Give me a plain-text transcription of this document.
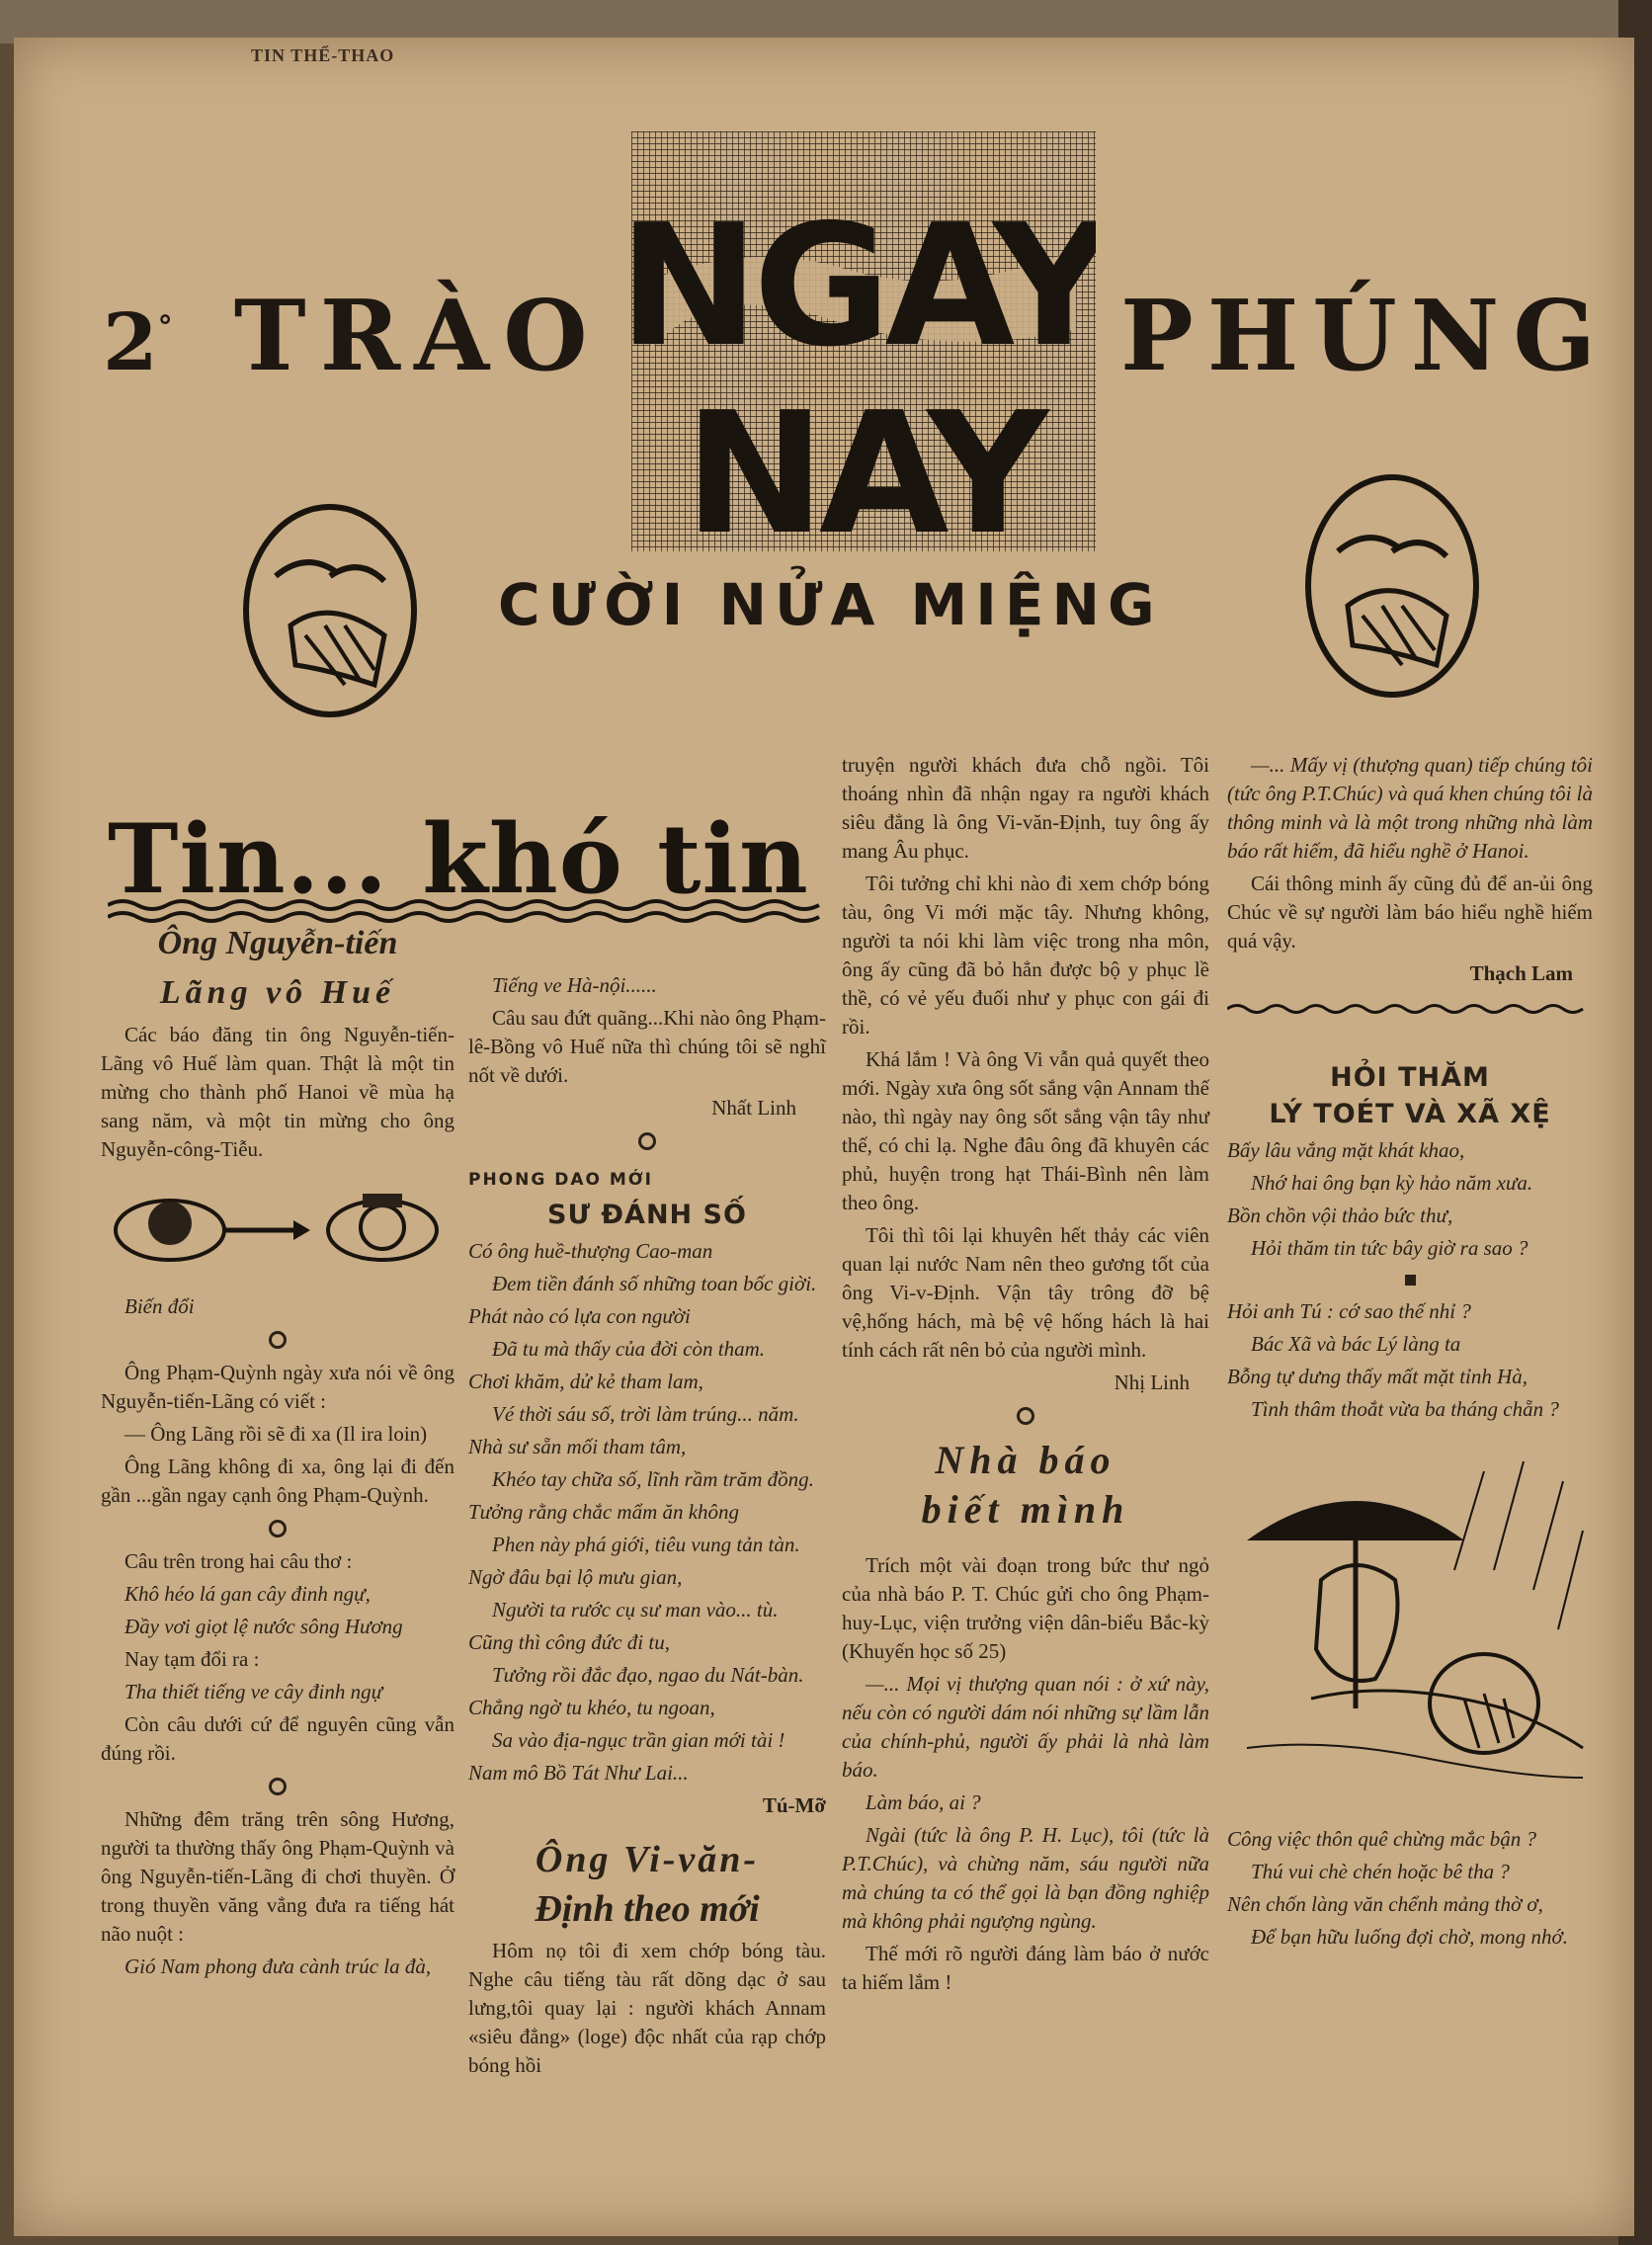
TIN THỂ-THAO
2° TRÀO	PHÚNG
NGAY
NAY
CƯỜI NỬA MIỆNG
Tin... khó tin
Ông Nguyễn-tiến
Lãng vô Huế

Các báo đăng tin ông Nguyễn-tiến-Lãng vô Huế làm quan. Thật là một tin mừng cho thành phố Hanoi về mùa hạ sang năm, và một tin mừng cho ông Nguyễn-công-Tiễu.

Biến đổi

Ông Phạm-Quỳnh ngày xưa nói về ông Nguyễn-tiến-Lãng có viết :

— Ông Lãng rồi sẽ đi xa (Il ira loin)

Ông Lãng không đi xa, ông lại đi đến gần ...gần ngay cạnh ông Phạm-Quỳnh.

Câu trên trong hai câu thơ :

Khô héo lá gan cây đinh ngự,

Đầy vơi giọt lệ nước sông Hương

Nay tạm đổi ra :

Tha thiết tiếng ve cây đinh ngự

Còn câu dưới cứ để nguyên cũng vẫn đúng rồi.

Những đêm trăng trên sông Hương, người ta thường thấy ông Phạm-Quỳnh và ông Nguyễn-tiến-Lãng đi chơi thuyền. Ở trong thuyền văng vẳng đưa ra tiếng hát não nuột :

Gió Nam phong đưa cành trúc la đà,

Tiếng ve Hà-nội......

Câu sau đứt quãng...Khi nào ông Phạm-lê-Bồng vô Huế nữa thì chúng tôi sẽ nghĩ nốt về dưới.

Nhất Linh

PHONG DAO MỚI

SƯ ĐÁNH SỐ

Có ông huề-thượng Cao-man

Đem tiền đánh số những toan bốc giời.

Phát nào có lựa con người

Đã tu mà thấy của đời còn tham.

Chơi khăm, dử kẻ tham lam,

Vé thời sáu số, trời làm trúng... năm.

Nhà sư sẵn mối tham tâm,

Khéo tay chữa số, lĩnh rầm trăm đồng.

Tưởng rằng chắc mẩm ăn không

Phen này phá giới, tiêu vung tản tàn.

Ngờ đâu bại lộ mưu gian,

Người ta rước cụ sư man vào... tù.

Cũng thì công đức đi tu,

Tưởng rồi đắc đạo, ngao du Nát-bàn.

Chẳng ngờ tu khéo, tu ngoan,

Sa vào địa-ngục trần gian mới tài !

Nam mô Bồ Tát Như Lai...

Tú-Mỡ

Ông Vi-văn-
Định theo mới

Hôm nọ tôi đi xem chớp bóng tàu. Nghe câu tiếng tàu rất dõng dạc ở sau lưng,tôi quay lại : người khách Annam «siêu đẳng» (loge) độc nhất của rạp chớp bóng hồi

truyện người khách đưa chỗ ngồi. Tôi thoáng nhìn đã nhận ngay ra người khách siêu đẳng là ông Vi-văn-Định, tuy ông ấy mang Âu phục.

Tôi tưởng chỉ khi nào đi xem chớp bóng tàu, ông Vi mới mặc tây. Nhưng không, người ta nói khi làm việc trong nha môn, ông ấy cũng đã bỏ hẳn được bộ y phục lề thề, có vẻ yếu đuối như y phục con gái đi rồi.

Khá lắm ! Và ông Vi vẫn quả quyết theo mới. Ngày xưa ông sốt sắng vận Annam thế nào, thì ngày nay ông sốt sắng vận tây như thế, có chi lạ. Nghe đâu ông đã khuyên các phủ, huyện trong hạt Thái-Bình nên làm theo ông.

Tôi thì tôi lại khuyên hết thảy các viên quan lại nước Nam nên theo gương tốt của ông Vi-v-Định. Vận tây trông đỡ bệ vệ,hống hách, mà bệ vệ hống hách là hai tính cách rất nên bỏ của người mình.

Nhị Linh

Nhà báo
biết mình

Trích một vài đoạn trong bức thư ngỏ của nhà báo P. T. Chúc gửi cho ông Phạm-huy-Lục, viện trưởng viện dân-biểu Bắc-kỳ (Khuyến học số 25)

—... Mọi vị thượng quan nói : ở xứ này, nếu còn có người dám nói những sự lầm lẫn của chính-phủ, người ấy phải là nhà làm báo.

Làm báo, ai ?

Ngài (tức là ông P. H. Lục), tôi (tức là P.T.Chúc), và chừng năm, sáu người nữa mà chúng ta có thể gọi là bạn đồng nghiệp mà không phải ngượng ngùng.

Thế mới rõ người đáng làm báo ở nước ta hiếm lắm !

—... Mấy vị (thượng quan) tiếp chúng tôi (tức ông P.T.Chúc) và quá khen chúng tôi là thông minh và là một trong những nhà làm báo rất hiếm, đã hiểu nghề ở Hanoi.

Cái thông minh ấy cũng đủ để an-ủi ông Chúc về sự người làm báo hiểu nghề hiếm quá vậy.

Thạch Lam

HỎI THĂM
LÝ TOÉT VÀ XÃ XỆ

Bấy lâu vắng mặt khát khao,

Nhớ hai ông bạn kỳ hảo năm xưa.

Bồn chồn vội thảo bức thư,

Hỏi thăm tin tức bây giờ ra sao ?

Hỏi anh Tú : cớ sao thế nhỉ ?

Bác Xã và bác Lý làng ta

Bỗng tự dưng thấy mất mặt tỉnh Hà,

Tình thâm thoắt vừa ba tháng chẵn ?

Công việc thôn quê chừng mắc bận ?

Thú vui chè chén hoặc bê tha ?

Nên chốn làng văn chểnh mảng thờ ơ,

Để bạn hữu luống đợi chờ, mong nhớ.
